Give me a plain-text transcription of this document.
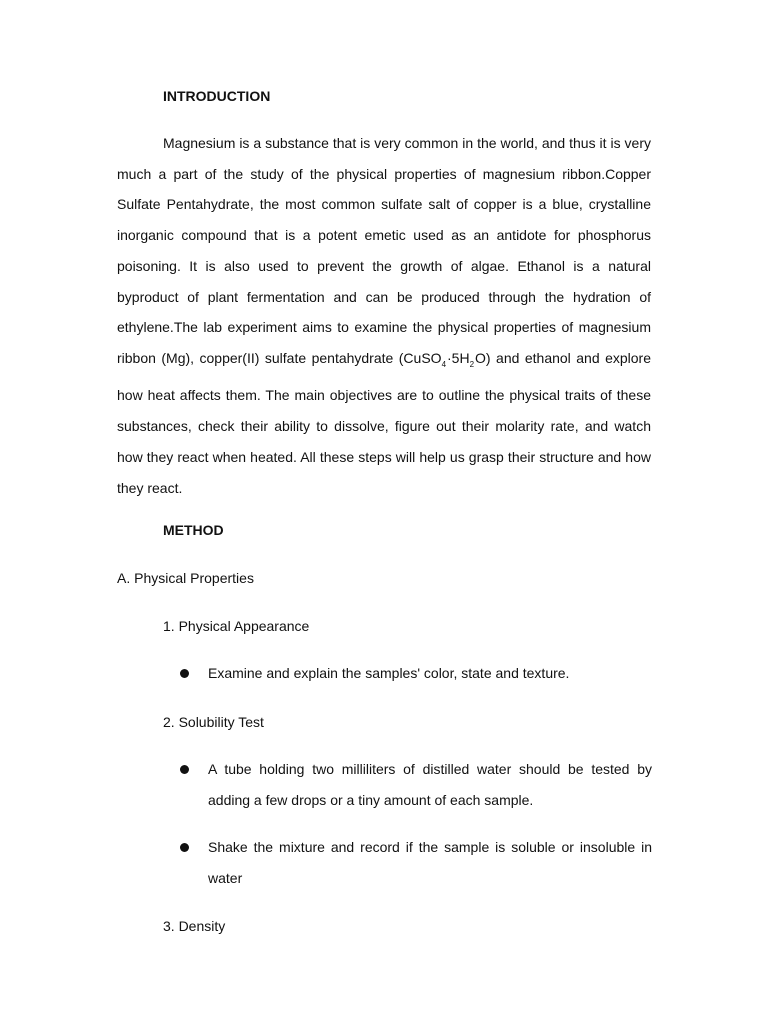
INTRODUCTION

Magnesium is a substance that is very common in the world, and thus it is very much a part of the study of the physical properties of magnesium ribbon.Copper Sulfate Pentahydrate, the most common sulfate salt of copper is a blue, crystalline inorganic compound that is a potent emetic used as an antidote for phosphorus poisoning. It is also used to prevent the growth of algae. Ethanol is a natural byproduct of plant fermentation and can be produced through the hydration of ethylene.The lab experiment aims to examine the physical properties of magnesium ribbon (Mg), copper(II) sulfate pentahydrate $(CuSO_4\cdot 5H_2O)$ and ethanol and explore how heat affects them. The main objectives are to outline the physical traits of these substances, check their ability to dissolve, figure out their molarity rate, and watch how they react when heated. All these steps will help us grasp their structure and how they react.

METHOD
A. Physical Properties
1. Physical Appearance

Examine and explain the samples' color, state and texture.

2. Solubility Test

A tube holding two milliliters of distilled water should be tested by adding a few drops or a tiny amount of each sample.

Shake the mixture and record if the sample is soluble or insoluble in water

3. Density
